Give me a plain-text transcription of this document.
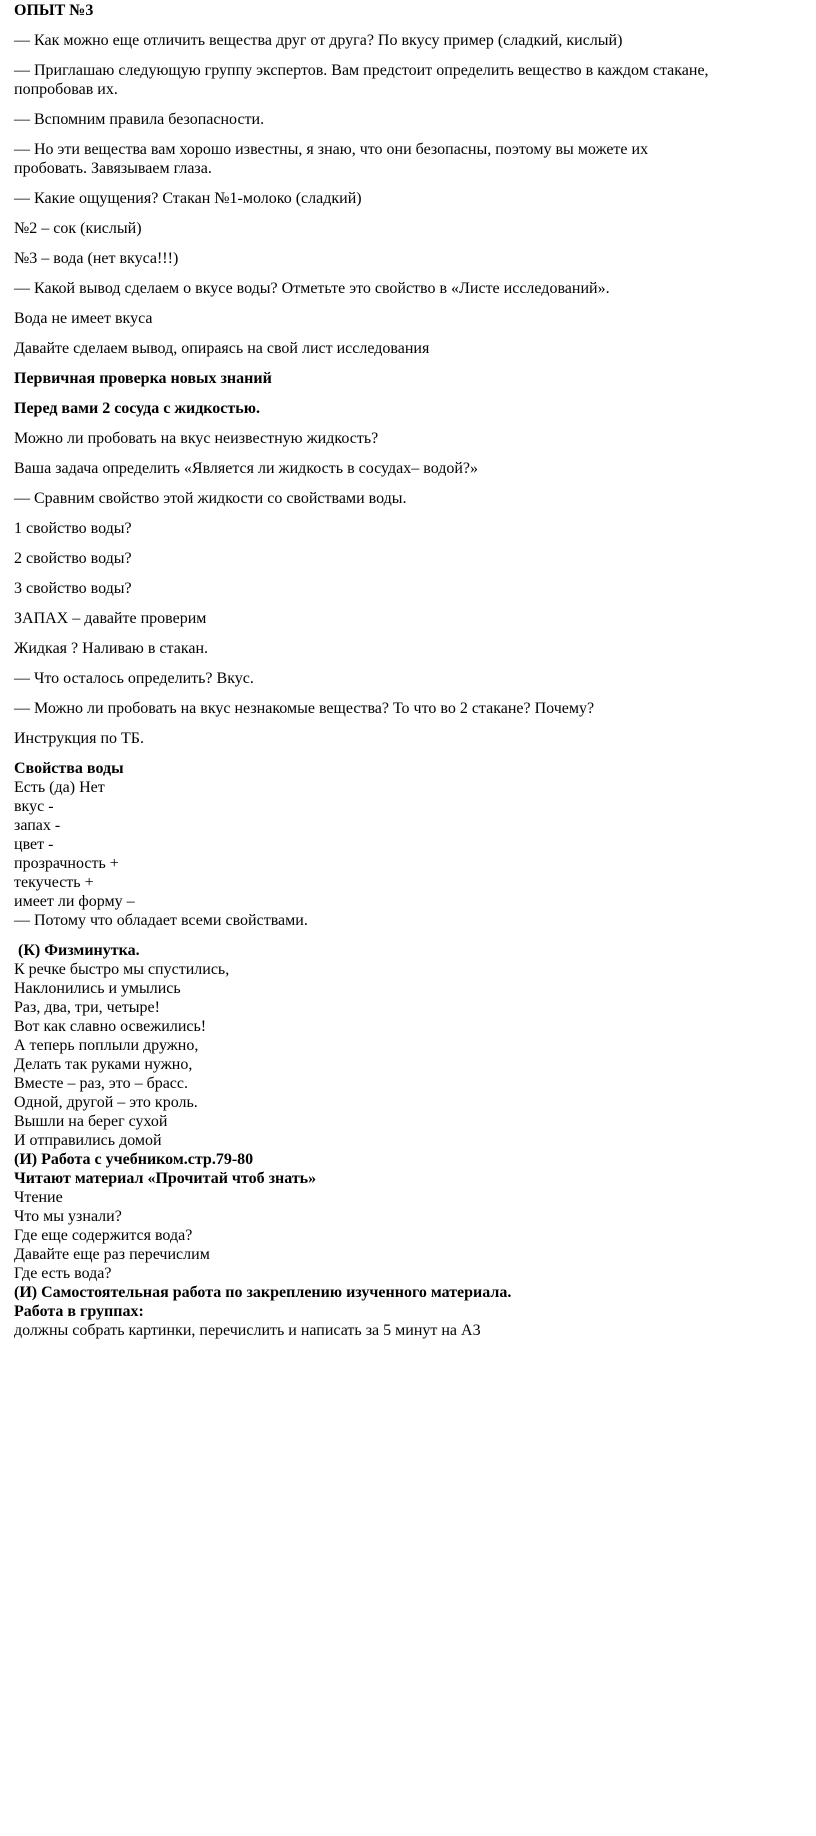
ОПЫТ №3

— Как можно еще отличить вещества друг от друга? По вкусу пример (сладкий, кислый)

— Приглашаю следующую группу экспертов. Вам предстоит определить вещество в каждом стакане, попробовав их.

— Вспомним правила безопасности.

— Но эти вещества вам хорошо известны, я знаю, что они безопасны, поэтому вы можете их пробовать. Завязываем глаза.

— Какие ощущения? Стакан №1-молоко (сладкий)

№2 – сок (кислый)

№3 – вода (нет вкуса!!!)

— Какой вывод сделаем о вкусе воды? Отметьте это свойство в «Листе исследований».

Вода не имеет вкуса

Давайте сделаем вывод, опираясь на свой лист исследования

Первичная проверка новых знаний

Перед вами 2 сосуда с жидкостью.

Можно ли пробовать на вкус неизвестную жидкость?

Ваша задача определить «Является ли жидкость в сосудах– водой?»

— Сравним свойство этой жидкости со свойствами воды.

1 свойство воды?

2 свойство воды?

3 свойство воды?

ЗАПАХ – давайте проверим

Жидкая ? Наливаю в стакан.

— Что осталось определить? Вкус.

— Можно ли пробовать на вкус незнакомые вещества? То что во 2 стакане? Почему?

Инструкция по ТБ.

Свойства воды
Есть (да) Нет
вкус -
запах -
цвет -
прозрачность +
текучесть +
имеет ли форму –
— Потому что обладает всеми свойствами.
(К) Физминутка.
К речке быстро мы спустились,
Наклонились и умылись
Раз, два, три, четыре!
Вот как славно освежились!
А теперь поплыли дружно,
Делать так руками нужно,
Вместе – раз, это – брасс.
Одной, другой – это кроль.
Вышли на берег сухой
И отправились домой
(И) Работа с учебником.стр.79-80
Читают материал «Прочитай чтоб знать»
Чтение
Что мы узнали?
Где еще содержится вода?
Давайте еще раз перечислим
Где есть вода?
(И) Самостоятельная работа по закреплению изученного материала.
Работа в группах:
должны собрать картинки, перечислить и написать за 5 минут на А3
